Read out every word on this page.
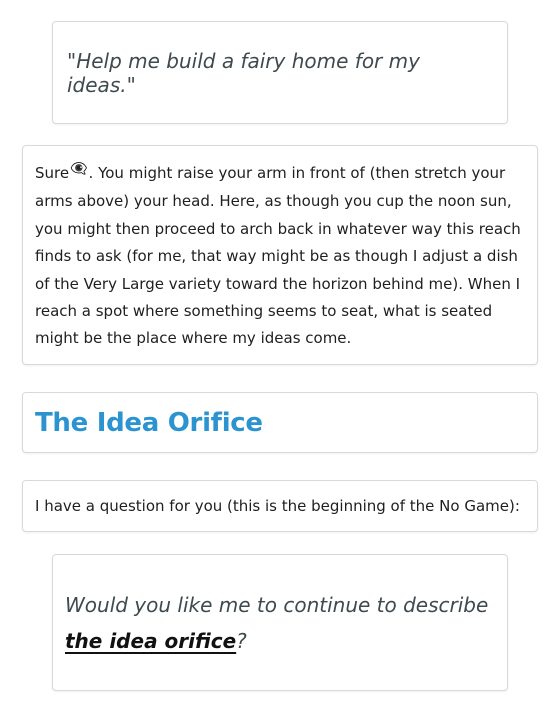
"Help me build a fairy home for my ideas."
Sure👁️‍🗨️. You might raise your arm in front of (then stretch your arms above) your head. Here, as though you cup the noon sun, you might then proceed to arch back in whatever way this reach finds to ask (for me, that way might be as though I adjust a dish of the Very Large variety toward the horizon behind me). When I reach a spot where something seems to seat, what is seated might be the place where my ideas come.
The Idea Orifice
I have a question for you (this is the beginning of the No Game):
Would you like me to continue to describe
the idea orifice?
